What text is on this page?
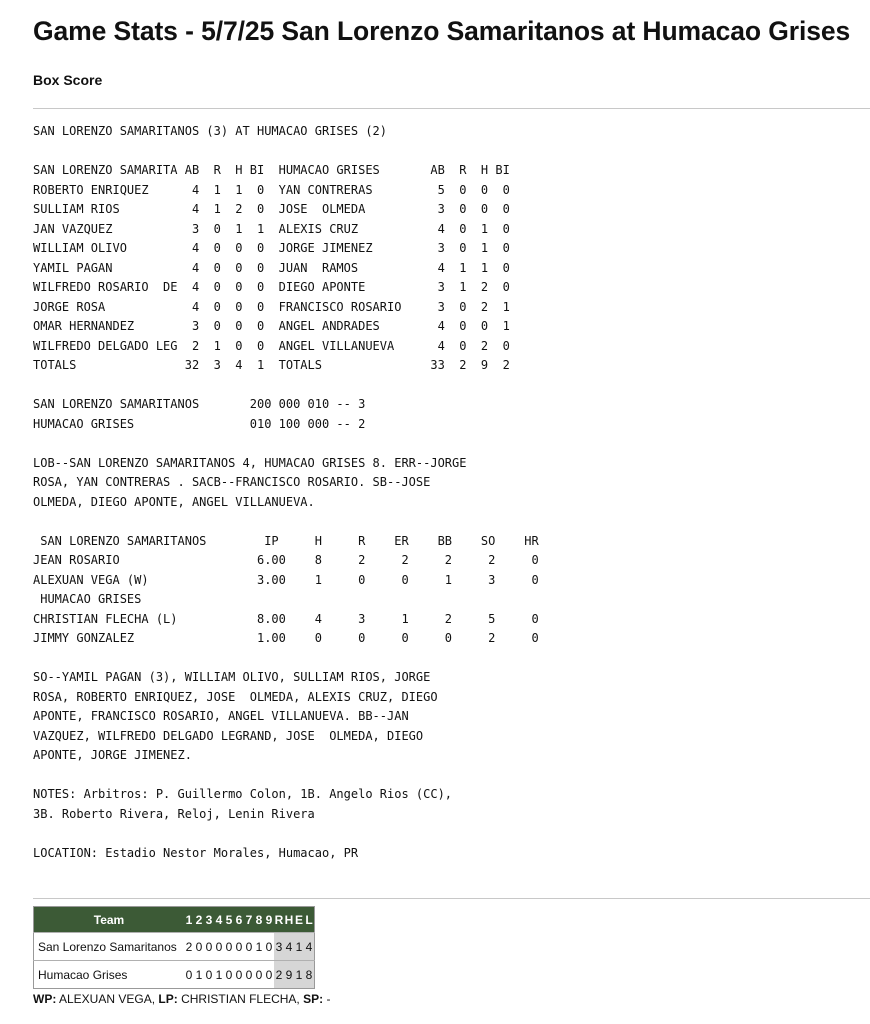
Game Stats - 5/7/25 San Lorenzo Samaritanos at Humacao Grises
Box Score
SAN LORENZO SAMARITANOS (3) AT HUMACAO GRISES (2)

SAN LORENZO SAMARITA AB  R  H BI  HUMACAO GRISES       AB  R  H BI
ROBERTO ENRIQUEZ      4  1  1  0  YAN CONTRERAS         5  0  0  0
SULLIAM RIOS          4  1  2  0  JOSE  OLMEDA          3  0  0  0
JAN VAZQUEZ           3  0  1  1  ALEXIS CRUZ           4  0  1  0
WILLIAM OLIVO         4  0  0  0  JORGE JIMENEZ         3  0  1  0
YAMIL PAGAN           4  0  0  0  JUAN  RAMOS           4  1  1  0
WILFREDO ROSARIO  DE  4  0  0  0  DIEGO APONTE          3  1  2  0
JORGE ROSA            4  0  0  0  FRANCISCO ROSARIO     3  0  2  1
OMAR HERNANDEZ        3  0  0  0  ANGEL ANDRADES        4  0  0  1
WILFREDO DELGADO LEG  2  1  0  0  ANGEL VILLANUEVA      4  0  2  0
TOTALS               32  3  4  1  TOTALS               33  2  9  2

SAN LORENZO SAMARITANOS       200 000 010 -- 3
HUMACAO GRISES                010 100 000 -- 2

LOB--SAN LORENZO SAMARITANOS 4, HUMACAO GRISES 8. ERR--JORGE
ROSA, YAN CONTRERAS . SACB--FRANCISCO ROSARIO. SB--JOSE
OLMEDA, DIEGO APONTE, ANGEL VILLANUEVA.

SAN LORENZO SAMARITANOS        IP     H     R    ER    BB    SO    HR
JEAN ROSARIO                   6.00    8     2     2     2     2     0
ALEXUAN VEGA (W)               3.00    1     0     0     1     3     0
HUMACAO GRISES
CHRISTIAN FLECHA (L)           8.00    4     3     1     2     5     0
JIMMY GONZALEZ                 1.00    0     0     0     0     2     0

SO--YAMIL PAGAN (3), WILLIAM OLIVO, SULLIAM RIOS, JORGE
ROSA, ROBERTO ENRIQUEZ, JOSE  OLMEDA, ALEXIS CRUZ, DIEGO
APONTE, FRANCISCO ROSARIO, ANGEL VILLANUEVA. BB--JAN
VAZQUEZ, WILFREDO DELGADO LEGRAND, JOSE  OLMEDA, DIEGO
APONTE, JORGE JIMENEZ.

NOTES: Arbitros: P. Guillermo Colon, 1B. Angelo Rios (CC),
3B. Roberto Rivera, Reloj, Lenin Rivera

LOCATION: Estadio Nestor Morales, Humacao, PR

Team	1	2	3	4	5	6	7	8	9	R	H	E	L
San Lorenzo Samaritanos	2	0	0	0	0	0	0	1	0	3	4	1	4
Humacao Grises	0	1	0	1	0	0	0	0	0	2	9	1	8

WP: ALEXUAN VEGA, LP: CHRISTIAN FLECHA, SP: -
